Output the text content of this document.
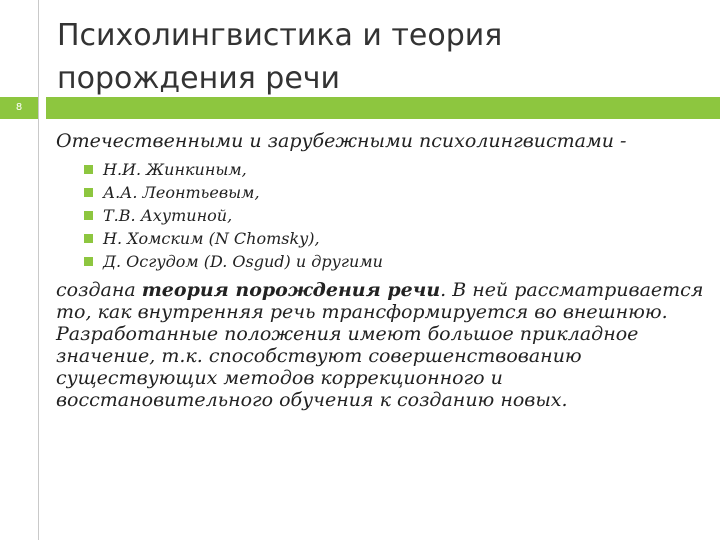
8
Психолингвистика и теория порождения речи

Отечественными и зарубежными психолингвистами -

Н.И. Жинкиным,
А.А. Леонтьевым,
Т.В. Ахутиной,
Н. Хомским (N Chomsky),
Д. Осгудом (D. Osgud) и другими

создана теория порождения речи. В ней рассматривается то, как внутренняя речь трансформируется во внешнюю.

Разработанные положения имеют большое прикладное значение, т.к. способствуют совершенствованию существующих методов коррекционного и восстановительного обучения к созданию новых.
